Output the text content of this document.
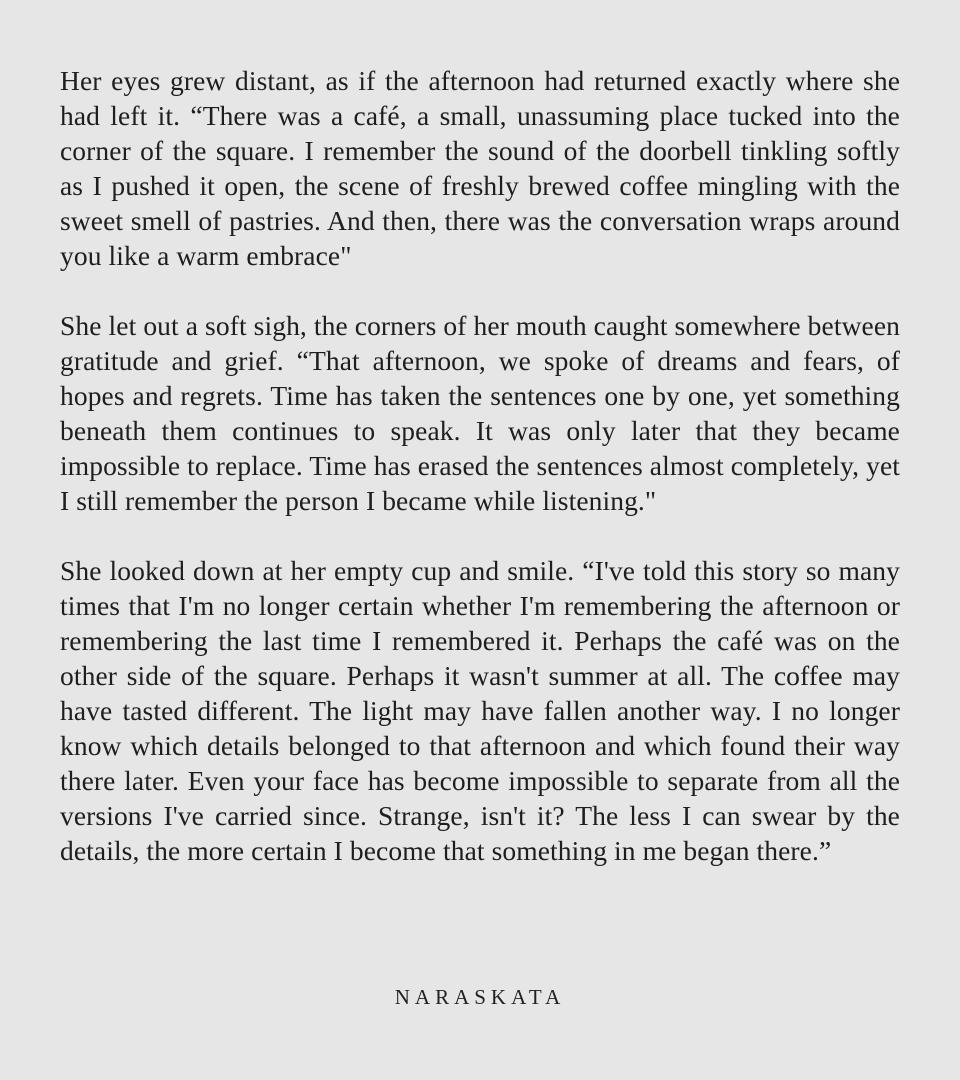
Her eyes grew distant, as if the afternoon had returned exactly where she had left it. “There was a café, a small, unassuming place tucked into the corner of the square. I remember the sound of the doorbell tinkling softly as I pushed it open, the scene of freshly brewed coffee mingling with the sweet smell of pastries. And then, there was the conversation wraps around you like a warm embrace"

She let out a soft sigh, the corners of her mouth caught somewhere between gratitude and grief. “That afternoon, we spoke of dreams and fears, of hopes and regrets. Time has taken the sentences one by one, yet something beneath them continues to speak. It was only later that they became impossible to replace. Time has erased the sentences almost completely, yet I still remember the person I became while listening."

She looked down at her empty cup and smile. “I've told this story so many times that I'm no longer certain whether I'm remembering the afternoon or remembering the last time I remembered it. Perhaps the café was on the other side of the square. Perhaps it wasn't summer at all. The coffee may have tasted different. The light may have fallen another way. I no longer know which details belonged to that afternoon and which found their way there later. Even your face has become impossible to separate from all the versions I've carried since. Strange, isn't it? The less I can swear by the details, the more certain I become that something in me began there.”

NARASKATA
